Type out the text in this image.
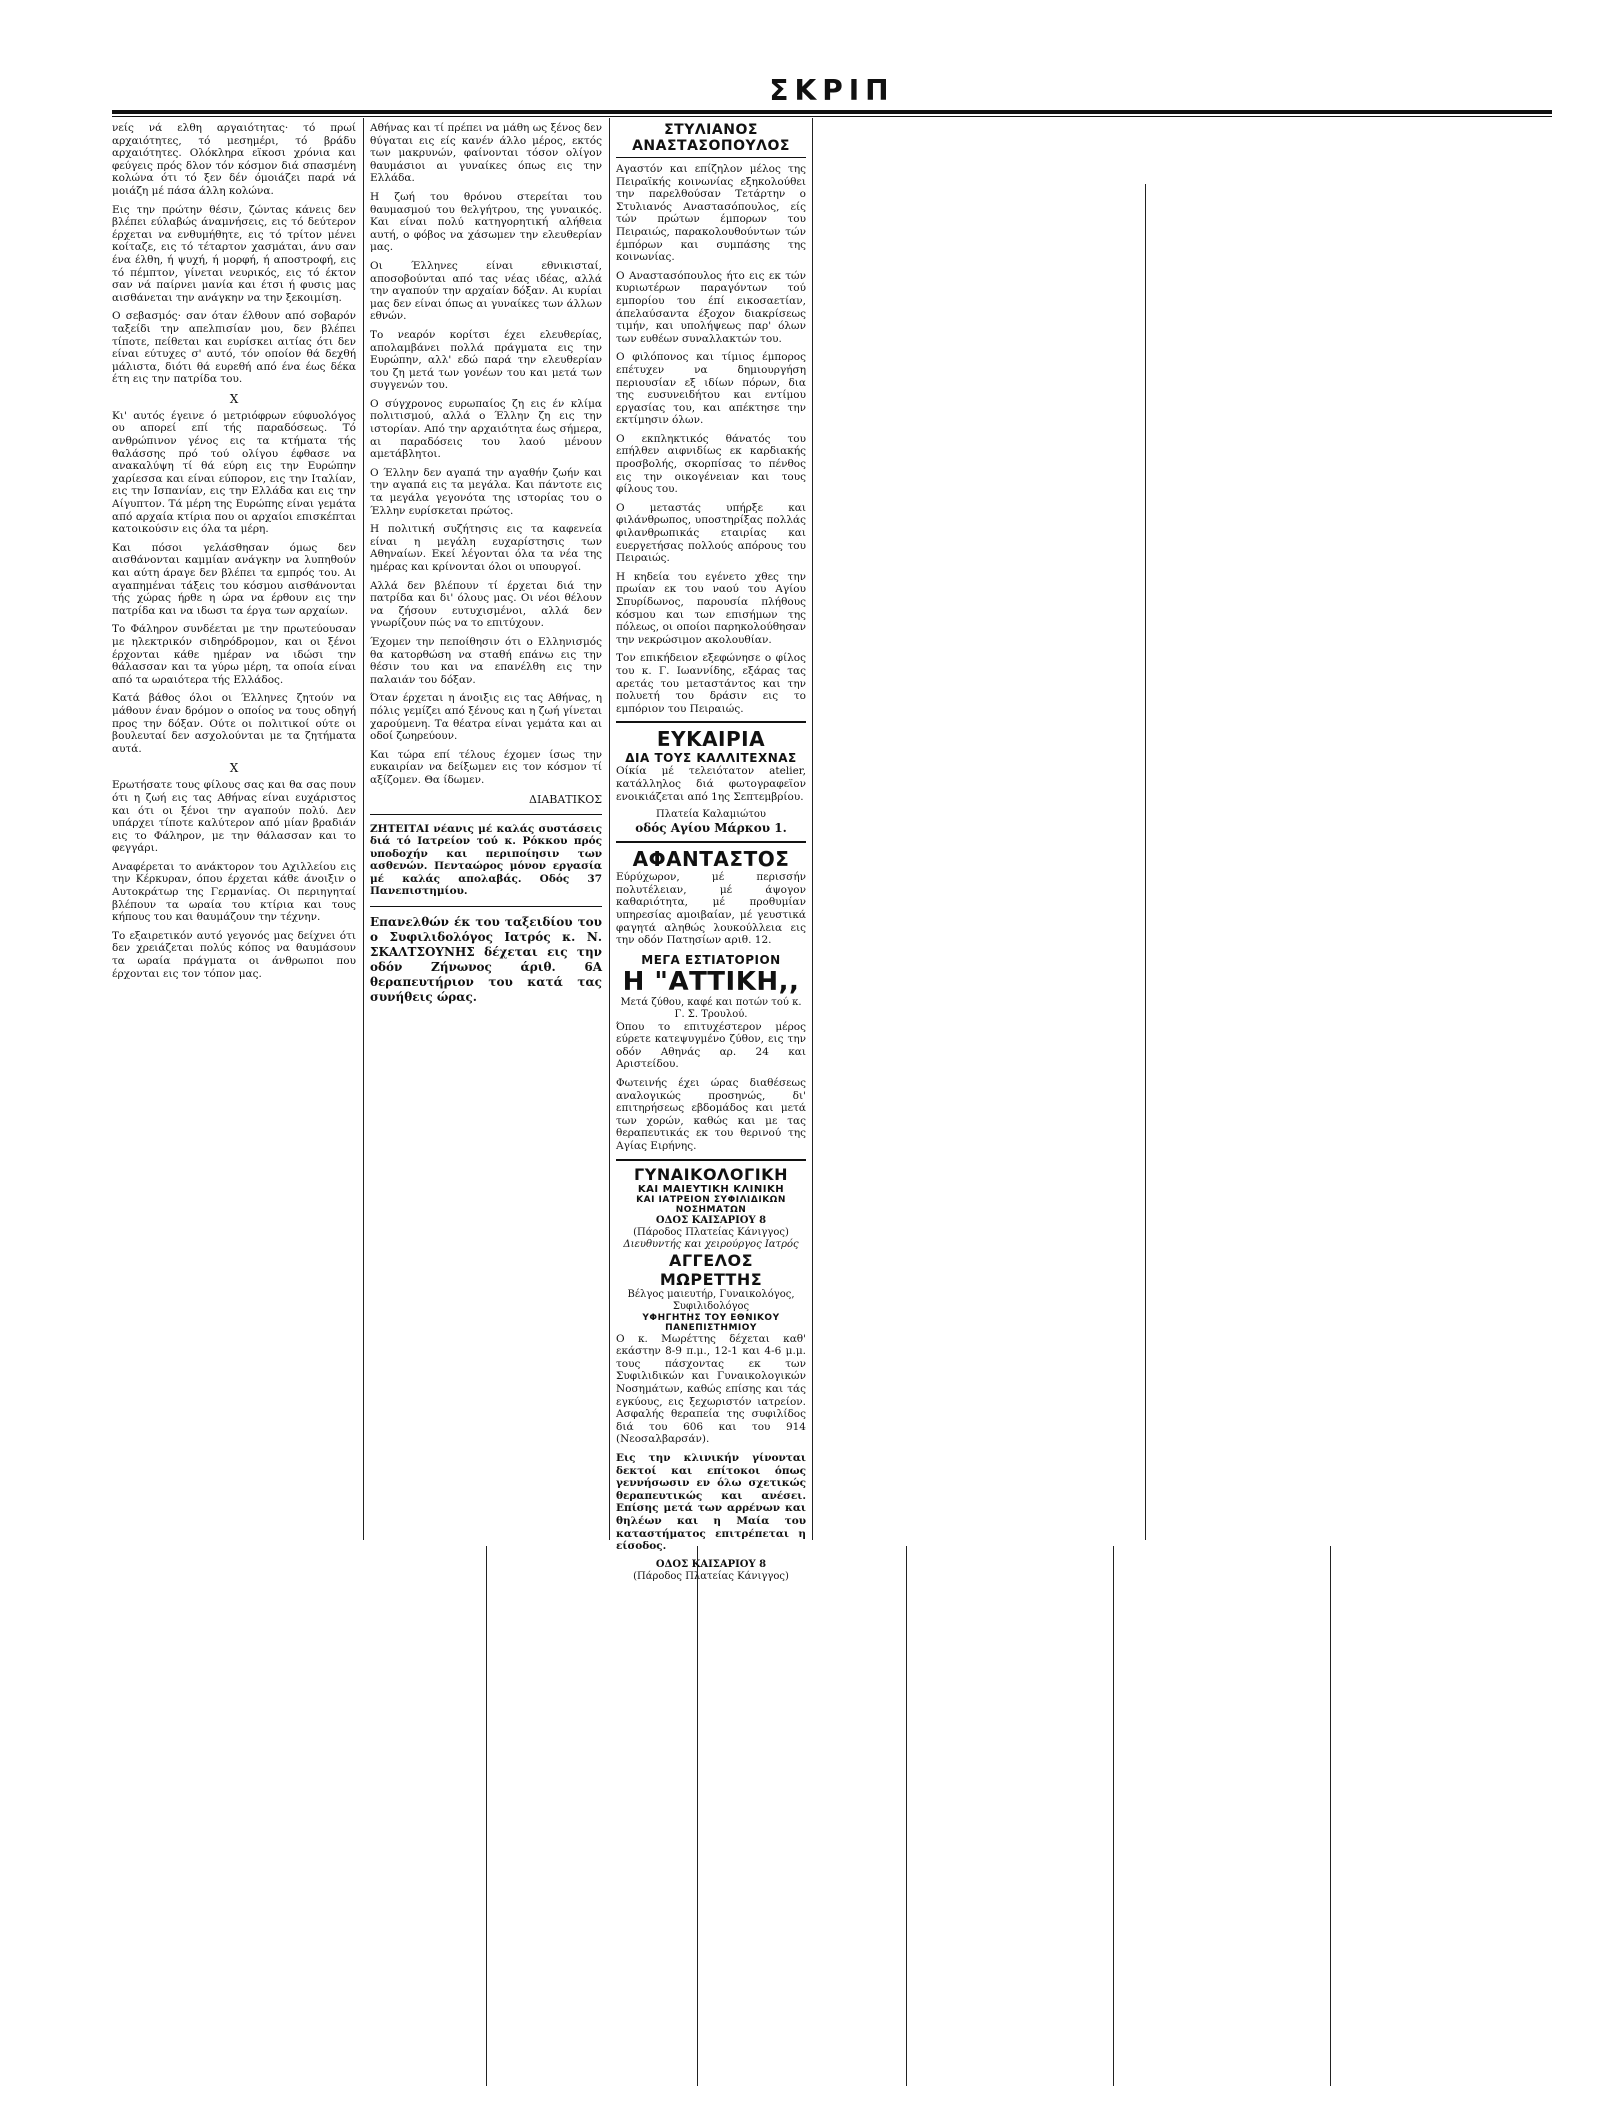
ΣΚΡΙΠ

νείς νά ελθη αργαιότητας· τό πρωί αρχαιότητες, τό μεσημέρι, τό βράδυ αρχαιότητες. Ολόκληρα εϊκοσι χρόνια και φεύγεις πρός δλον τόν κόσμον διά σπασμένη κολώνα ότι τό ξεν δέν όμοιάζει παρά νά μοιάζη μέ πάσα άλλη κολώνα.

Εις την πρώτην θέσιν, ζώντας κάνεις δεν βλέπει εύλαβώς άναμνήσεις, εις τό δεύτερον έρχεται να ενθυμήθητε, εις τό τρίτον μένει κοίταζε, εις τό τέταρτον χασμάται, άνυ σαν ένα έλθη, ή ψυχή, ή μορφή, ή αποστροφή, εις τό πέμπτον, γίνεται νευρικός, εις τό έκτον σαν νά παίρνει μανία και έτσι ή φυσις μας αισθάνεται την ανάγκην να την ξεκοιμίση.

Ο σεβασμός· σαν όταν έλθουν από σοβαρόν ταξείδι την απελπισίαν μου, δεν βλέπει τίποτε, πείθεται και ευρίσκει αιτίας ότι δεν είναι εύτυχες σ' αυτό, τόν οποίον θά δεχθή μάλιστα, διότι θά ευρεθή από ένα έως δέκα έτη εις την πατρίδα του.

X

Κι' αυτός έγεινε ό μετριόφρων εύφυολόγος ου απορεί επί τής παραδόσεως. Τό ανθρώπινον γένος εις τα κτήματα τής θαλάσσης πρό τού ολίγου έφθασε να ανακαλύψη τί θά εύρη εις την Ευρώπην χαρίεσσα και είναι εύπορον, εις την Ιταλίαν, εις την Ισπανίαν, εις την Ελλάδα και εις την Αίγυπτον. Τά μέρη της Ευρώπης είναι γεμάτα από αρχαία κτίρια που οι αρχαίοι επισκέπται κατοικούσιν εις όλα τα μέρη.

Και πόσοι γελάσθησαν όμως δεν αισθάνονται καμμίαν ανάγκην να λυπηθούν και αύτη άραγε δεν βλέπει τα εμπρός του. Αι αγαπημέναι τάξεις του κόσμου αισθάνονται τής χώρας ήρθε η ώρα να έρθουν εις την πατρίδα και να ιδωσι τα έργα των αρχαίων.

Το Φάληρον συνδέεται με την πρωτεύουσαν με ηλεκτρικόν σιδηρόδρομον, και οι ξένοι έρχονται κάθε ημέραν να ιδώσι την θάλασσαν και τα γύρω μέρη, τα οποία είναι από τα ωραιότερα τής Ελλάδος.

Κατά βάθος όλοι οι Έλληνες ζητούν να μάθουν έναν δρόμον ο οποίος να τους οδηγή προς την δόξαν. Ούτε οι πολιτικοί ούτε οι βουλευταί δεν ασχολούνται με τα ζητήματα αυτά.

X

Ερωτήσατε τους φίλους σας και θα σας πουν ότι η ζωή εις τας Αθήνας είναι ευχάριστος και ότι οι ξένοι την αγαπούν πολύ. Δεν υπάρχει τίποτε καλύτερον από μίαν βραδιάν εις το Φάληρον, με την θάλασσαν και το φεγγάρι.

Αναφέρεται το ανάκτορον του Αχιλλείου εις την Κέρκυραν, όπου έρχεται κάθε άνοιξιν ο Αυτοκράτωρ της Γερμανίας. Οι περιηγηταί βλέπουν τα ωραία του κτίρια και τους κήπους του και θαυμάζουν την τέχνην.

Το εξαιρετικόν αυτό γεγονός μας δείχνει ότι δεν χρειάζεται πολύς κόπος να θαυμάσουν τα ωραία πράγματα οι άνθρωποι που έρχονται εις τον τόπον μας.

Αθήνας και τί πρέπει να μάθη ως ξένος δεν θύγαται εις είς κανέν άλλο μέρος, εκτός των μακρυνών, φαίνονται τόσον ολίγον θαυμάσιοι αι γυναίκες όπως εις την Ελλάδα.

Η ζωή του θρόνου στερείται του θαυμασμού του θελγήτρου, της γυναικός. Και είναι πολύ κατηγορητική αλήθεια αυτή, ο φόβος να χάσωμεν την ελευθερίαν μας.

Οι Έλληνες είναι εθνικισταί, αποσοβούνται από τας νέας ιδέας, αλλά την αγαπούν την αρχαίαν δόξαν. Αι κυρίαι μας δεν είναι όπως αι γυναίκες των άλλων εθνών.

Το νεαρόν κορίτσι έχει ελευθερίας, απολαμβάνει πολλά πράγματα εις την Ευρώπην, αλλ' εδώ παρά την ελευθερίαν του ζη μετά των γονέων του και μετά των συγγενών του.

Ο σύγχρονος ευρωπαίος ζη εις έν κλίμα πολιτισμού, αλλά ο Έλλην ζη εις την ιστορίαν. Από την αρχαιότητα έως σήμερα, αι παραδόσεις του λαού μένουν αμετάβλητοι.

Ο Έλλην δεν αγαπά την αγαθήν ζωήν και την αγαπά εις τα μεγάλα. Και πάντοτε εις τα μεγάλα γεγονότα της ιστορίας του ο Έλλην ευρίσκεται πρώτος.

Η πολιτική συζήτησις εις τα καφενεία είναι η μεγάλη ευχαρίστησις των Αθηναίων. Εκεί λέγονται όλα τα νέα της ημέρας και κρίνονται όλοι οι υπουργοί.

Αλλά δεν βλέπουν τί έρχεται διά την πατρίδα και δι' όλους μας. Οι νέοι θέλουν να ζήσουν ευτυχισμένοι, αλλά δεν γνωρίζουν πώς να το επιτύχουν.

Έχομεν την πεποίθησιν ότι ο Ελληνισμός θα κατορθώση να σταθή επάνω εις την θέσιν του και να επανέλθη εις την παλαιάν του δόξαν.

Όταν έρχεται η άνοιξις εις τας Αθήνας, η πόλις γεμίζει από ξένους και η ζωή γίνεται χαρούμενη. Τα θέατρα είναι γεμάτα και αι οδοί ζωηρεύουν.

Και τώρα επί τέλους έχομεν ίσως την ευκαιρίαν να δείξωμεν εις τον κόσμον τί αξίζομεν. Θα ίδωμεν.

ΔΙΑΒΑΤΙΚΟΣ

ΖΗΤΕΙΤΑΙ νέανις μέ καλάς συστάσεις διά τό Ιατρείον τού κ. Ρόκκου πρός υποδοχήν και περιποίησιν των ασθενών. Πενταώρος μόνον εργασία μέ καλάς απολαβάς. Οδός 37 Πανεπιστημίου.

Επανελθών έκ του ταξειδίου του ο Συφιλιδολόγος Ιατρός κ. Ν. ΣΚΑΛΤΣΟΥΝΗΣ δέχεται εις την οδόν Ζήνωνος άριθ. 6Α θεραπευτήριον του κατά τας συνήθεις ώρας.

ΣΤΥΛΙΑΝΟΣ ΑΝΑΣΤΑΣΟΠΟΥΛΟΣ

Αγαστόν και επίζηλον μέλος της Πειραϊκής κοινωνίας εξηκολούθει την παρελθούσαν Τετάρτην ο Στυλιανός Αναστασόπουλος, είς τών πρώτων έμπορων του Πειραιώς, παρακολουθούντων τών έμπόρων και συμπάσης της κοινωνίας.

Ο Αναστασόπουλος ήτο εις εκ τών κυριωτέρων παραγόντων τού εμπορίου του έπί εικοσαετίαν, άπελαύσαντα έξοχον διακρίσεως τιμήν, και υπολήψεως παρ' όλων των ευθέων συναλλακτών του.

Ο φιλόπονος και τίμιος έμπορος επέτυχεν να δημιουργήση περιουσίαν εξ ιδίων πόρων, δια της ευσυνειδήτου και εντίμου εργασίας του, και απέκτησε την εκτίμησιν όλων.

Ο εκπληκτικός θάνατός του επήλθεν αιφνιδίως εκ καρδιακής προσβολής, σκορπίσας το πένθος εις την οικογένειαν και τους φίλους του.

Ο μεταστάς υπήρξε και φιλάνθρωπος, υποστηρίξας πολλάς φιλανθρωπικάς εταιρίας και ευεργετήσας πολλούς απόρους του Πειραιώς.

Η κηδεία του εγένετο χθες την πρωίαν εκ του ναού του Αγίου Σπυρίδωνος, παρουσία πλήθους κόσμου και των επισήμων της πόλεως, οι οποίοι παρηκολούθησαν την νεκρώσιμον ακολουθίαν.

Τον επικήδειον εξεφώνησε ο φίλος του κ. Γ. Ιωαννίδης, εξάρας τας αρετάς του μεταστάντος και την πολυετή του δράσιν εις το εμπόριον του Πειραιώς.

ΕΥΚΑΙΡΙΑ
ΔΙΑ ΤΟΥΣ ΚΑΛΛΙΤΕΧΝΑΣ

Οίκία μέ τελειότατον atelier, κατάλληλος διά φωτογραφεϊον ενοικιάζεται από 1ης Σεπτεμβρίου.

Πλατεία Καλαμιώτου
οδός Αγίου Μάρκου 1.
ΑΦΑΝΤΑΣΤΟΣ

Εύρύχωρον, μέ περισσήν πολυτέλειαν, μέ άψογον καθαριότητα, μέ προθυμίαν υπηρεσίας αμοιβαίαν, μέ γευστικά φαγητά αληθώς λουκούλλεια εις την οδόν Πατησίων αριθ. 12.

ΜΕΓΑ ΕΣΤΙΑΤΟΡΙΟΝ
Η "ΑΤΤΙΚΗ,,
Μετά ζύθου, καφέ και ποτών τού κ. Γ. Σ. Τρουλού.

Όπου το επιτυχέστερον μέρος εύρετε κατεψυγμένο ζύθον, εις την οδόν Αθηνάς αρ. 24 και Αριστείδου.

Φωτεινής έχει ώρας διαθέσεως αναλογικώς προσηνώς, δι' επιτηρήσεως εβδομάδος και μετά των χορών, καθώς και με τας θεραπευτικάς εκ του θερινού της Αγίας Ειρήνης.

ΓΥΝΑΙΚΟΛΟΓΙΚΗ
ΚΑΙ ΜΑΙΕΥΤΙΚΗ ΚΛΙΝΙΚΗ
ΚΑΙ ΙΑΤΡΕΙΟΝ ΣΥΦΙΛΙΔΙΚΩΝ ΝΟΣΗΜΑΤΩΝ
ΟΔΟΣ ΚΑΙΣΑΡΙΟΥ 8
(Πάροδος Πλατείας Κάνιγγος)
Διευθυντής και χειρούργος Ιατρός
ΑΓΓΕΛΟΣ ΜΩΡΕΤΤΗΣ
Βέλγος μαιευτήρ, Γυναικολόγος, Συφιλιδολόγος
ΥΦΗΓΗΤΗΣ ΤΟΥ ΕΘΝΙΚΟΥ ΠΑΝΕΠΙΣΤΗΜΙΟΥ

Ο κ. Μωρέττης δέχεται καθ' εκάστην 8-9 π.μ., 12-1 και 4-6 μ.μ. τους πάσχοντας εκ των Συφιλιδικών και Γυναικολογικών Νοσημάτων, καθώς επίσης και τάς εγκύους, εις ξεχωριστόν ιατρείον. Ασφαλής θεραπεία της συφιλίδος διά του 606 και του 914 (Νεοσαλβαρσάν).

Εις την κλινικήν γίνονται δεκτοί και επίτοκοι όπως γεννήσωσιν εν όλω σχετικώς θεραπευτικώς και ανέσει. Επίσης μετά των αρρένων και θηλέων και η Μαία του καταστήματος επιτρέπεται η είσοδος.

ΟΔΟΣ ΚΑΙΣΑΡΙΟΥ 8
(Πάροδος Πλατείας Κάνιγγος)
